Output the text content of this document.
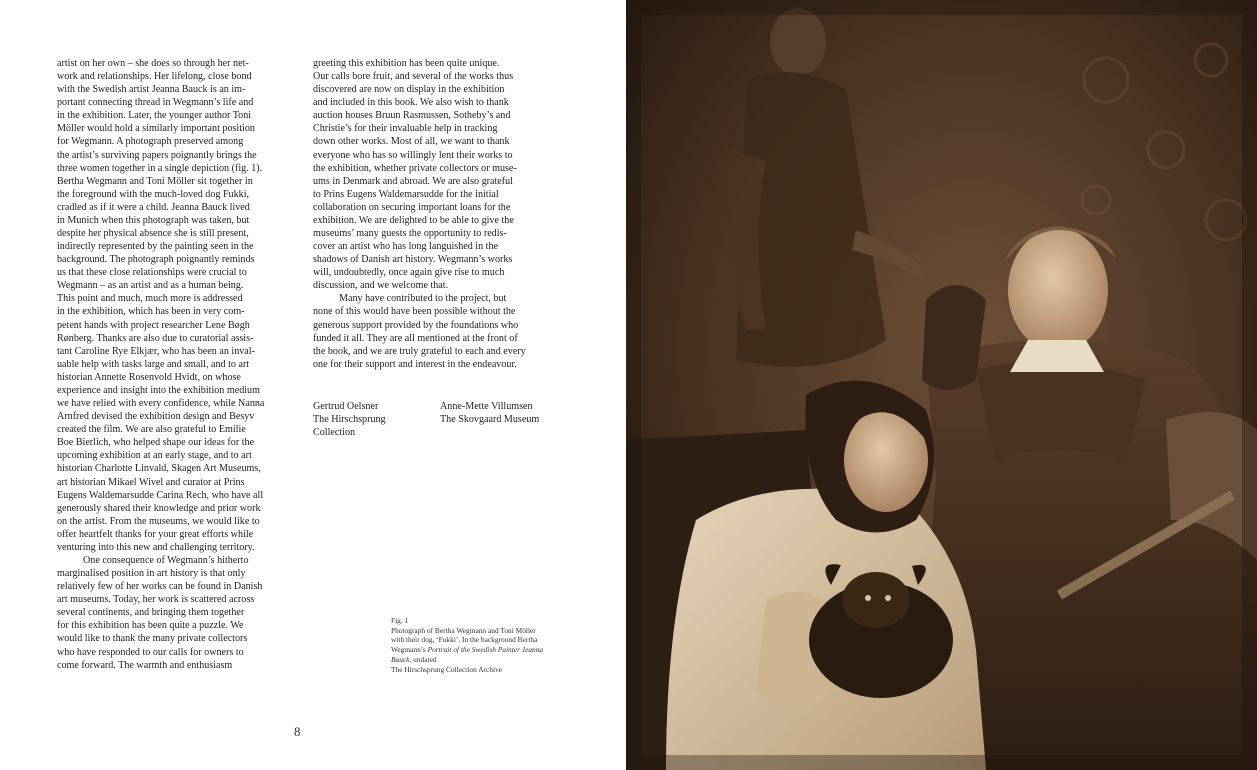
artist on her own – she does so through her net-

work and relationships. Her lifelong, close bond

with the Swedish artist Jeanna Bauck is an im-

portant connecting thread in Wegmann’s life and

in the exhibition. Later, the younger author Toni

Möller would hold a similarly important position

for Wegmann. A photograph preserved among

the artist’s surviving papers poignantly brings the

three women together in a single depiction (fig. 1).

Bertha Wegmann and Toni Möller sit together in

the foreground with the much-loved dog Fukki,

cradled as if it were a child. Jeanna Bauck lived

in Munich when this photograph was taken, but

despite her physical absence she is still present,

indirectly represented by the painting seen in the

background. The photograph poignantly reminds

us that these close relationships were crucial to

Wegmann – as an artist and as a human being.

This point and much, much more is addressed

in the exhibition, which has been in very com-

petent hands with project researcher Lene Bøgh

Rønberg. Thanks are also due to curatorial assis-

tant Caroline Rye Elkjær, who has been an inval-

uable help with tasks large and small, and to art

historian Annette Rosenvold Hvidt, on whose

experience and insight into the exhibition medium

we have relied with every confidence, while Nanna

Arnfred devised the exhibition design and Besyv

created the film. We are also grateful to Emilie

Boe Bierlich, who helped shape our ideas for the

upcoming exhibition at an early stage, and to art

historian Charlotte Linvald, Skagen Art Museums,

art historian Mikael Wivel and curator at Prins

Eugens Waldemarsudde Carina Rech, who have all

generously shared their knowledge and prior work

on the artist. From the museums, we would like to

offer heartfelt thanks for your great efforts while

venturing into this new and challenging territory.

One consequence of Wegmann’s hitherto

marginalised position in art history is that only

relatively few of her works can be found in Danish

art museums. Today, her work is scattered across

several continents, and bringing them together

for this exhibition has been quite a puzzle. We

would like to thank the many private collectors

who have responded to our calls for owners to

come forward. The warmth and enthusiasm

greeting this exhibition has been quite unique.

Our calls bore fruit, and several of the works thus

discovered are now on display in the exhibition

and included in this book. We also wish to thank

auction houses Bruun Rasmussen, Sotheby’s and

Christie’s for their invaluable help in tracking

down other works. Most of all, we want to thank

everyone who has so willingly lent their works to

the exhibition, whether private collectors or muse-

ums in Denmark and abroad. We are also grateful

to Prins Eugens Waldemarsudde for the initial

collaboration on securing important loans for the

exhibition. We are delighted to be able to give the

museums’ many guests the opportunity to redis-

cover an artist who has long languished in the

shadows of Danish art history. Wegmann’s works

will, undoubtedly, once again give rise to much

discussion, and we welcome that.

Many have contributed to the project, but

none of this would have been possible without the

generous support provided by the foundations who

funded it all. They are all mentioned at the front of

the book, and we are truly grateful to each and every

one for their support and interest in the endeavour.

Gertrud Oelsner
The Hirschsprung
Collection
Anne-Mette Villumsen
The Skovgaard Museum
Fig. 1
Photograph of Bertha Wegmann and Toni Möller
with their dog, ‘Fukki’. In the background Bertha
Wegmann’s Portrait of the Swedish Painter Jeanna
Bauck, undated
The Hirschsprung Collection Archive
8
